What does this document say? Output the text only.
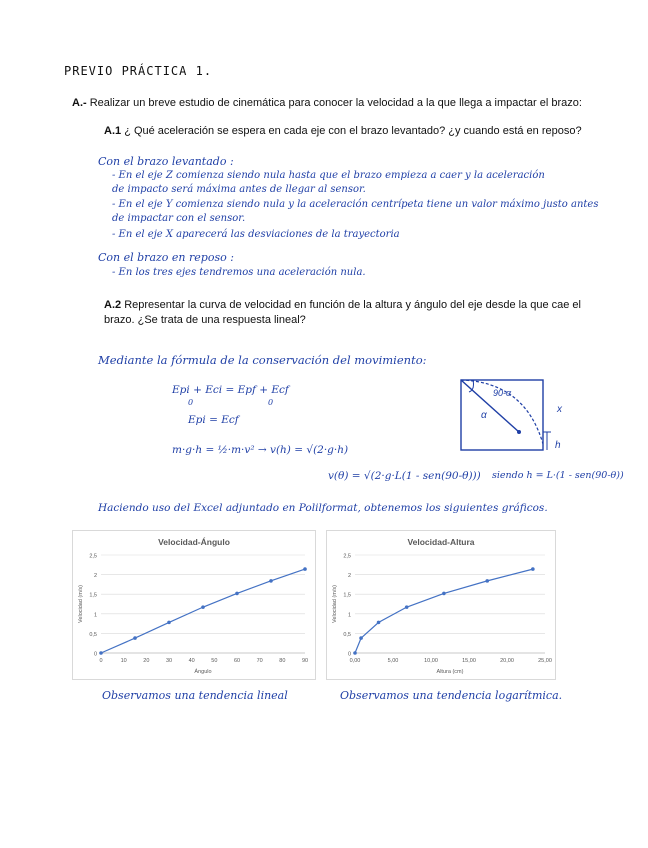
PREVIO PRÁCTICA 1.
A.- Realizar un breve estudio de cinemática para conocer la velocidad a la que llega a impactar el brazo:
A.1 ¿ Qué aceleración se espera en cada eje con el brazo levantado? ¿y cuando está en reposo?
Con el brazo levantado :
- En el eje Z comienza siendo nula hasta que el brazo empieza a caer y la aceleración
de impacto será máxima antes de llegar al sensor.
- En el eje Y comienza siendo nula y la aceleración centrípeta tiene un valor máximo justo antes
de impactar con el sensor.
- En el eje X aparecerá las desviaciones de la trayectoria
Con el brazo en reposo :
- En los tres ejes tendremos una aceleración nula.
A.2 Representar la curva de velocidad en función de la altura y ángulo del eje desde la que cae el brazo. ¿Se trata de una respuesta lineal?
Mediante la fórmula de la conservación del movimiento:
Epi + Eci = Epf + Ecf
0	0
Epi = Ecf
m·g·h = ½·m·v² → v(h) = √(2·g·h)
v(θ) = √(2·g·L(1 - sen(90-θ))) siendo h = L·(1 - sen(90-θ))
90-α
α
x
h
Haciendo uso del Excel adjuntado en Polilformat, obtenemos los siguientes gráficos.
Velocidad-Ángulo
0
0,5
1
1,5
2
2,5
0	10	20	30	40	50	60	70	80	90
Ángulo
Velocidad (m/s)
Velocidad-Altura
0
0,5
1
1,5
2
2,5
0,00	5,00	10,00	15,00	20,00	25,00
Altura (cm)
Velocidad (m/s)
Observamos una tendencia lineal	Observamos una tendencia logarítmica.
